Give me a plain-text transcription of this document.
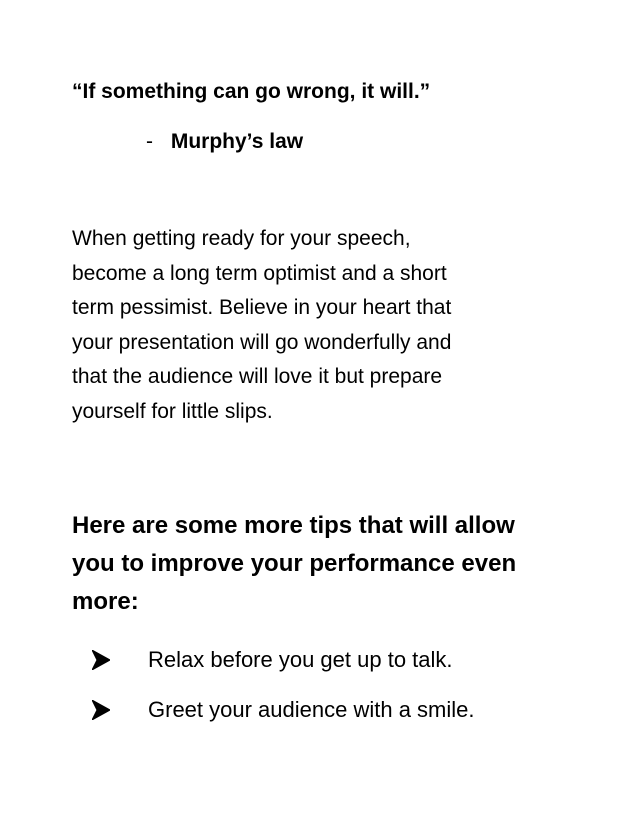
“If something can go wrong, it will.”
- Murphy’s law
When getting ready for your speech,
become a long term optimist and a short
term pessimist. Believe in your heart that
your presentation will go wonderfully and
that the audience will love it but prepare
yourself for little slips.
Here are some more tips that will allow
you to improve your performance even
more:
Relax before you get up to talk.
Greet your audience with a smile.
